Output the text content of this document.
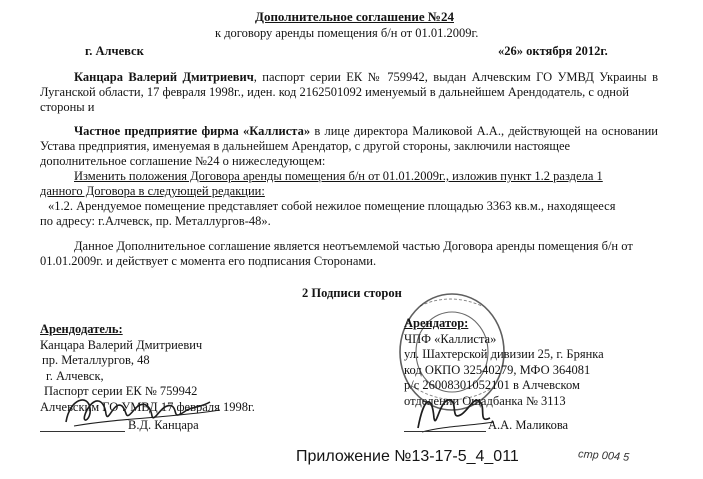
Дополнительное соглашение №24
к договору аренды помещения б/н от 01.01.2009г.
г. Алчевск	«26» октября 2012г.
Канцара Валерий Дмитриевич, паспорт серии ЕК № 759942, выдан Алчевским ГО УМВД Украины в Луганской области, 17 февраля 1998г., иден. код 2162501092 именуемый в дальнейшем Арендодатель, с одной
стороны и
Частное предприятие фирма «Каллиста» в лице директора Маликовой А.А., действующей на основании Устава предприятия, именуемая в дальнейшем Арендатор, с другой стороны, заключили настоящее
дополнительное соглашение №24 о нижеследующем:
Изменить положения Договора аренды помещения б/н от 01.01.2009г., изложив пункт 1.2 раздела 1
данного Договора в следующей редакции:
«1.2. Арендуемое помещение представляет собой нежилое помещение площадью 3363 кв.м., находящееся
по адресу: г.Алчевск, пр. Металлургов-48».
Данное Дополнительное соглашение является неотъемлемой частью Договора аренды помещения б/н от
01.01.2009г. и действует с момента его подписания Сторонами.
2 Подписи сторон
Арендодатель:
Канцара Валерий Дмитриевич
пр. Металлургов, 48
г. Алчевск,
Паспорт серии ЕК № 759942
Алчевским ГО УМВД 17 февраля 1998г.
Арендатор:
ЧПФ «Каллиста»
ул. Шахтерской дивизии 25, г. Брянка
код ОКПО 32540279, МФО 364081
р/с 26008301052101 в Алчевском
отделении Ощадбанка № 3113
В.Д. Канцара	А.А. Маликова
Приложение №13-17-5_4_011	стр 004 5
